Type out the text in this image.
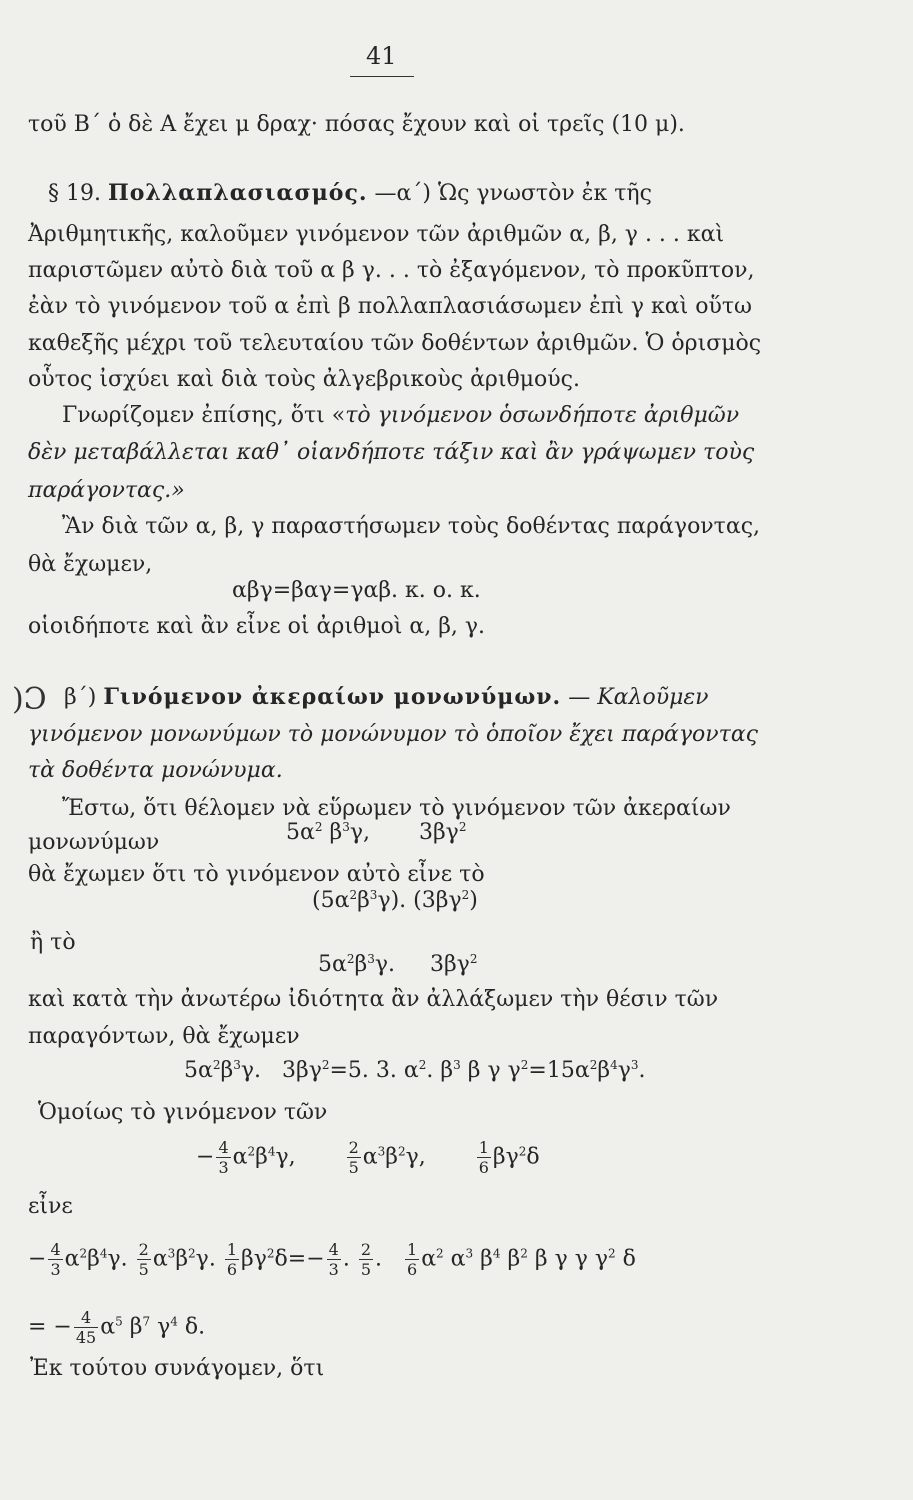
41
τοῦ Β΄ ὁ δὲ Α ἔχει μ δραχ· πόσας ἔχουν καὶ οἱ τρεῖς (10 μ).
§ 19. Πολλαπλασιασμός. —α΄) Ὡς γνωστὸν ἐκ τῆς
Ἀριθμητικῆς, καλοῦμεν γινόμενον τῶν ἀριθμῶν α, β, γ . . . καὶ
παριστῶμεν αὐτὸ διὰ τοῦ α β γ. . . τὸ ἐξαγόμενον, τὸ προκῦπτον,
ἐὰν τὸ γινόμενον τοῦ α ἐπὶ β πολλαπλασιάσωμεν ἐπὶ γ καὶ οὕτω
καθεξῆς μέχρι τοῦ τελευταίου τῶν δοθέντων ἀριθμῶν. Ὁ ὁρισμὸς
οὗτος ἰσχύει καὶ διὰ τοὺς ἀλγεβρικοὺς ἀριθμούς.
Γνωρίζομεν ἐπίσης, ὅτι «τὸ γινόμενον ὁσωνδήποτε ἀριθμῶν
δὲν μεταβάλλεται καθ᾽ οἱανδήποτε τάξιν καὶ ἂν γράψωμεν τοὺς
παράγοντας.»
Ἂν διὰ τῶν α, β, γ παραστήσωμεν τοὺς δοθέντας παράγοντας,
θὰ ἔχωμεν,
αβγ=βαγ=γαβ. κ. ο. κ.
οἱοιδήποτε καὶ ἂν εἶνε οἱ ἀριθμοὶ α, β, γ.
)Ɔ β΄) Γινόμενον ἀκεραίων μονωνύμων. — Καλοῦμεν
γινόμενον μονωνύμων τὸ μονώνυμον τὸ ὁποῖον ἔχει παράγοντας
τὰ δοθέντα μονώνυμα.
Ἔστω, ὅτι θέλομεν νὰ εὕρωμεν τὸ γινόμενον τῶν ἀκεραίων
μονωνύμων	$5\alpha^2$ $\beta^3\gamma$,       $3\beta\gamma^2$
θὰ ἔχωμεν ὅτι τὸ γινόμενον αὐτὸ εἶνε τὸ
$(5\alpha^2\beta^3\gamma)$. $(3\beta\gamma^2)$
ἢ τὸ
$5\alpha^2\beta^3\gamma$.     $3\beta\gamma^2$
καὶ κατὰ τὴν ἀνωτέρω ἰδιότητα ἂν ἀλλάξωμεν τὴν θέσιν τῶν
παραγόντων, θὰ ἔχωμεν
$5\alpha^2\beta^3\gamma$.   $3\beta\gamma^2=5$. 3. $\alpha^2$. $\beta^3$ β γ $\gamma^2=15\alpha^2\beta^4\gamma^3$.
Ὁμοίως τὸ γινόμενον τῶν
− $\frac{4}{3} \alpha^2\beta^4\gamma$, $\frac{2}{5} \alpha^3\beta^2\gamma$, $\frac{1}{6} \beta\gamma^2\delta$
εἶνε
− $\frac{4}{3} \alpha^2\beta^4\gamma$. $\frac{2}{5} \alpha^3\beta^2\gamma$. $\frac{1}{6} \beta\gamma^2\delta=- \frac{4}{3}$ . $\frac{2}{5}$ . $\frac{1}{6} \alpha^2$ $\alpha^3$ $\beta^4$ $\beta^2$ β γ γ $\gamma^2$ δ
= − $\frac{4}{45} \alpha^5$ $\beta^7$ $\gamma^4$ δ.
Ἐκ τούτου συνάγομεν, ὅτι
